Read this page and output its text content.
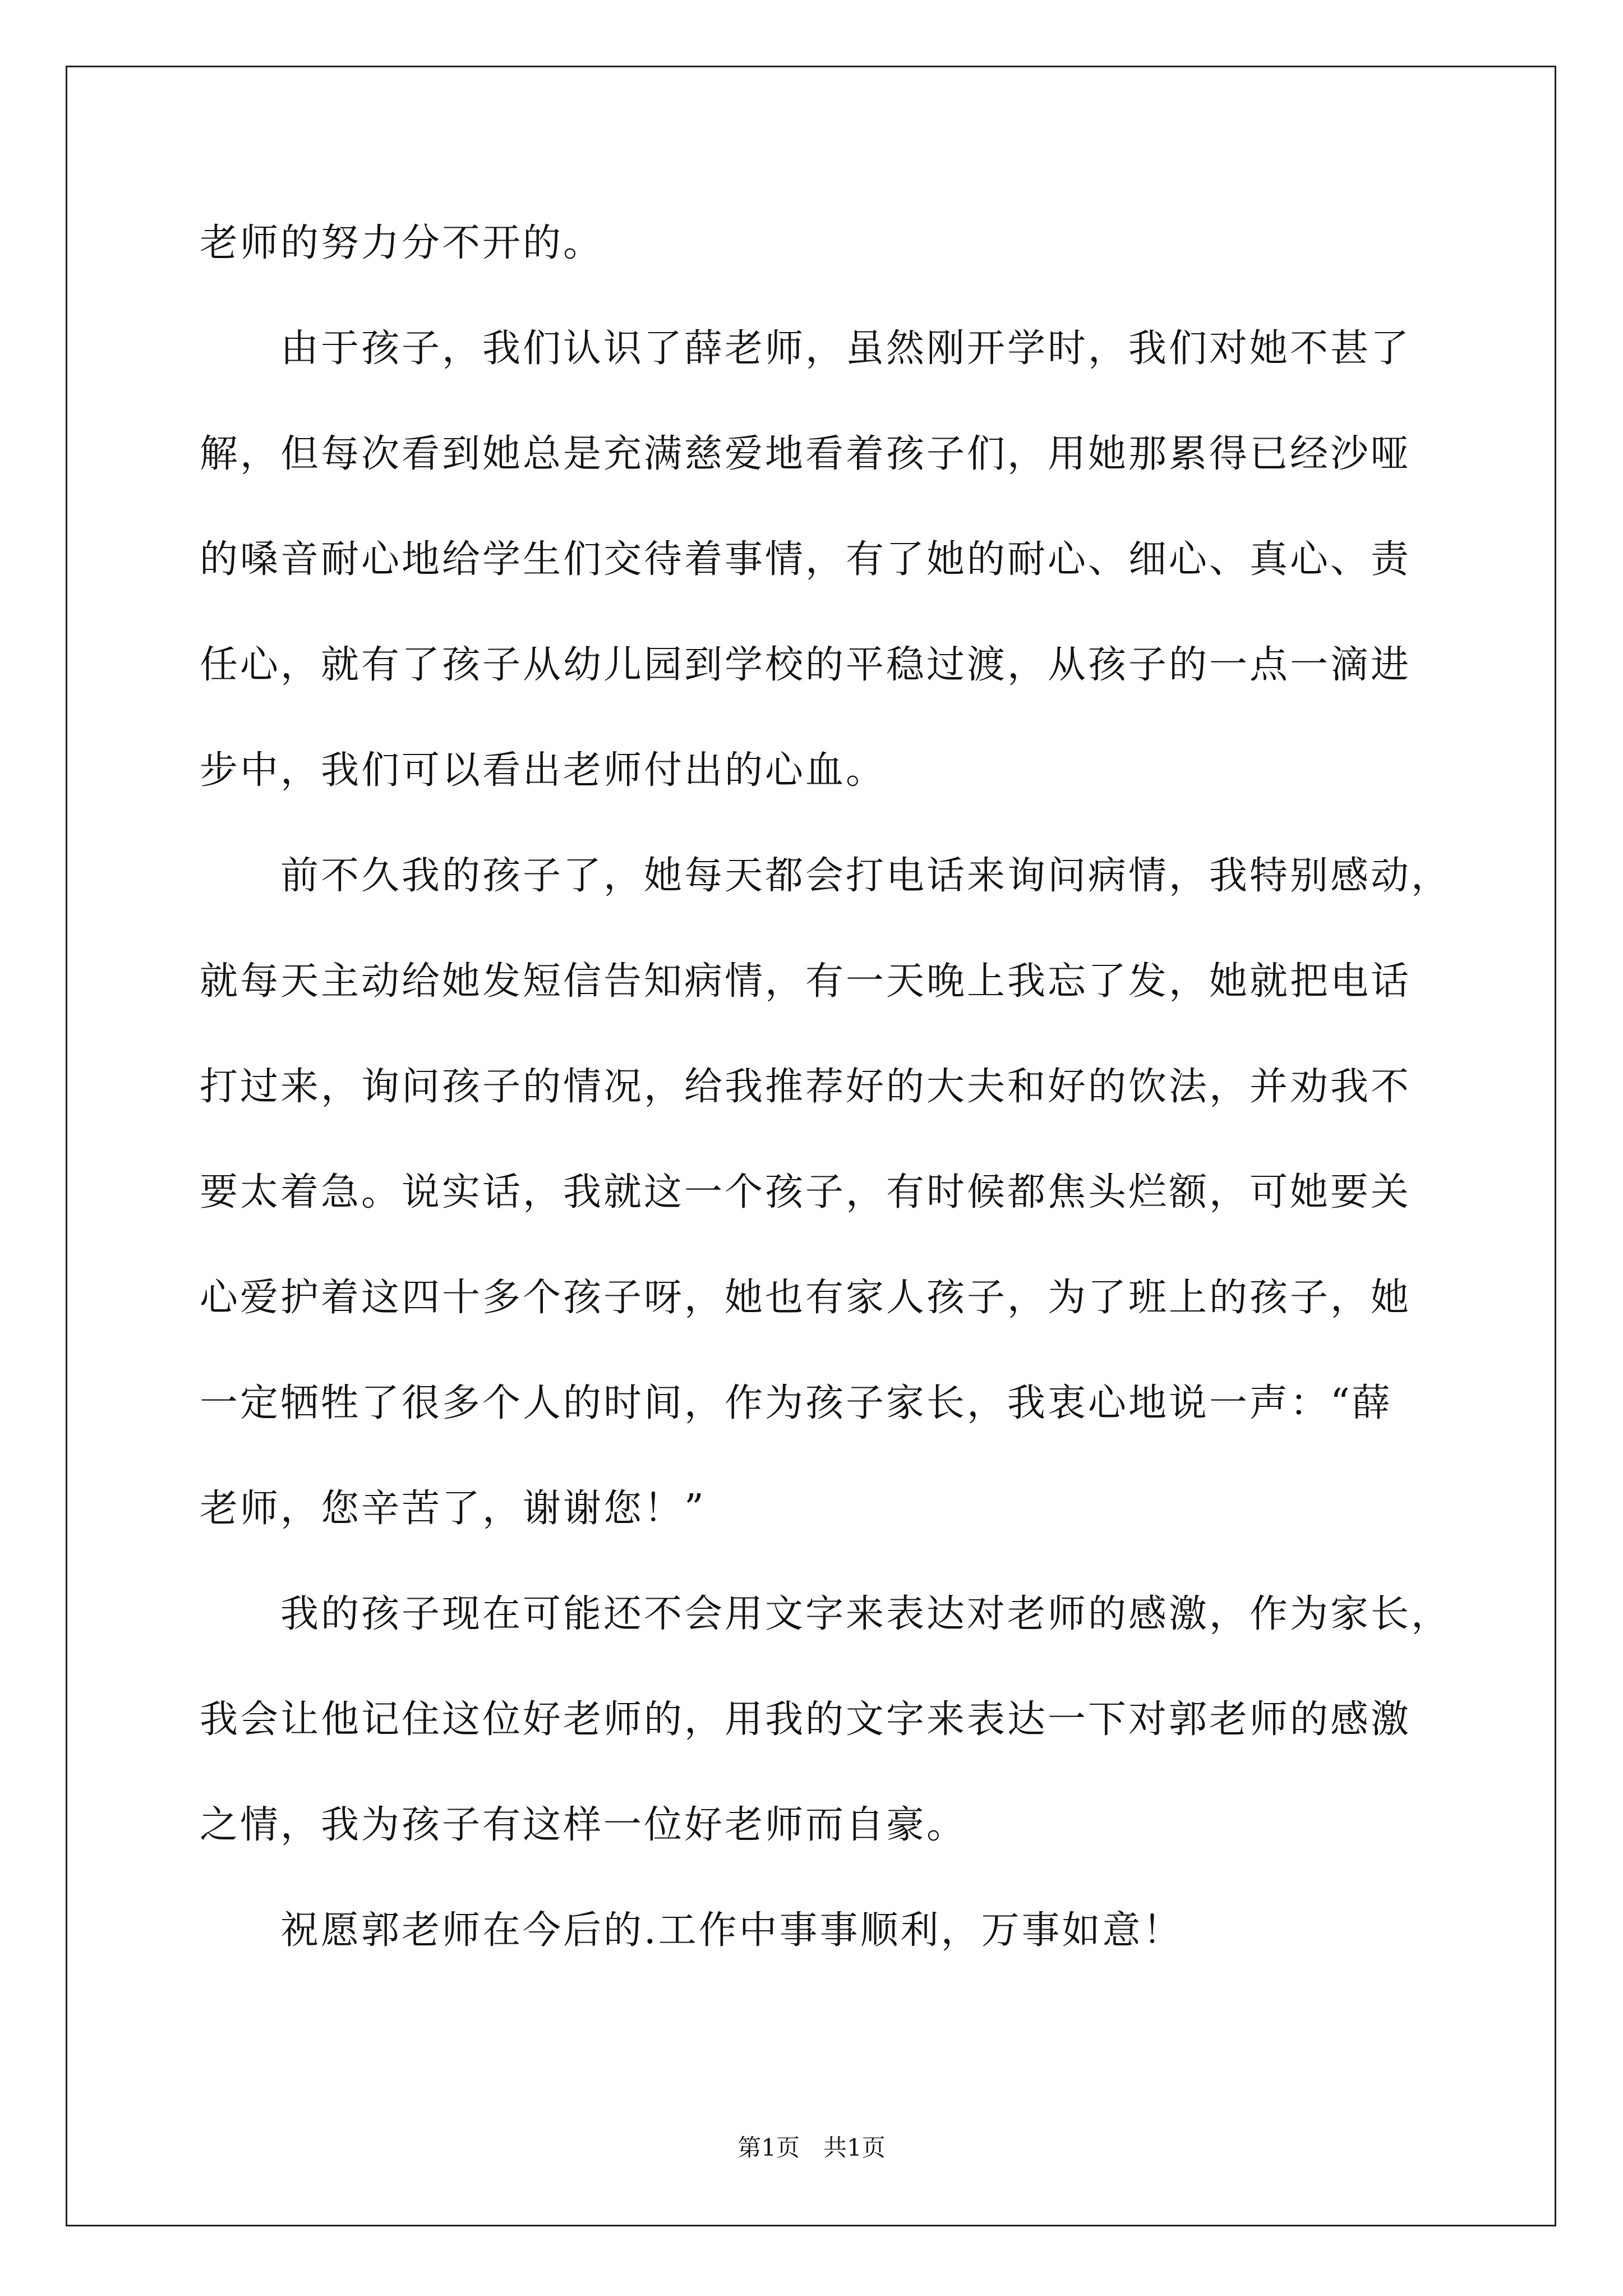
老师的努力分不开的。
　　由于孩子，我们认识了薛老师，虽然刚开学时，我们对她不甚了
解，但每次看到她总是充满慈爱地看着孩子们，用她那累得已经沙哑
的嗓音耐心地给学生们交待着事情，有了她的耐心、细心、真心、责
任心，就有了孩子从幼儿园到学校的平稳过渡，从孩子的一点一滴进
步中，我们可以看出老师付出的心血。
　　前不久我的孩子了，她每天都会打电话来询问病情，我特别感动，
就每天主动给她发短信告知病情，有一天晚上我忘了发，她就把电话
打过来，询问孩子的情况，给我推荐好的大夫和好的饮法，并劝我不
要太着急。说实话，我就这一个孩子，有时候都焦头烂额，可她要关
心爱护着这四十多个孩子呀，她也有家人孩子，为了班上的孩子，她
一定牺牲了很多个人的时间，作为孩子家长，我衷心地说一声：“薛
老师，您辛苦了，谢谢您！”
　　我的孩子现在可能还不会用文字来表达对老师的感激，作为家长，
我会让他记住这位好老师的，用我的文字来表达一下对郭老师的感激
之情，我为孩子有这样一位好老师而自豪。
　　祝愿郭老师在今后的.工作中事事顺利，万事如意！
第1页　共1页
